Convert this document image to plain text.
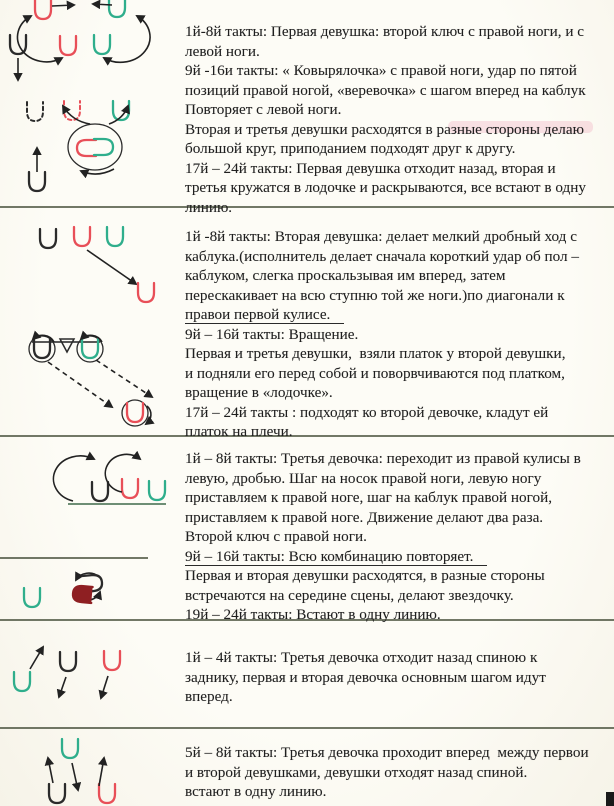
1й-8й такты: Первая девушка: второй ключ с правой ноги, и с
левой ноги.
9й -16и такты: « Ковырялочка» с правой ноги, удар по пятой
позиций правой ногой, «веревочка» с шагом вперед на каблук
Повторяет с левой ноги.
Вторая и третья девушки расходятся в разные стороны делаю
большой круг, приподанием подходят друг к другу.
17й – 24й такты: Первая девушка отходит назад, вторая и
третья кружатся в лодочке и раскрываются, все встают в одну
линию.
1й -8й такты: Вторая девушка: делает мелкий дробный ход с
каблука.(исполнитель делает сначала короткий удар об пол –
каблуком, слегка проскальзывая им вперед, затем
перескакивает на всю ступню той же ноги.)по диагонали к
правои первой кулисе.
9й – 16й такты: Вращение.
Первая и третья девушки,  взяли платок у второй девушки,
и подняли его перед собой и поворвчиваются под платком,
вращение в «лодочке».
17й – 24й такты : подходят ко второй девочке, кладут ей
платок на плечи.
1й – 8й такты: Третья девочка: переходит из правой кулисы в
левую, дробью. Шаг на носок правой ноги, левую ногу
приставляем к правой ноге, шаг на каблук правой ногой,
приставляем к правой ноге. Движение делают два раза.
Второй ключ с правой ноги.
9й – 16й такты: Всю комбинацию повторяет.
Первая и вторая девушки расходятся, в разные стороны
встречаются на середине сцены, делают звездочку.
19й – 24й такты: Встают в одну линию.
1й – 4й такты: Третья девочка отходит назад спиною к
заднику, первая и вторая девочка основным шагом идут
вперед.
5й – 8й такты: Третья девочка проходит вперед  между первои
и второй девушками, девушки отходят назад спиной.
встают в одну линию.
